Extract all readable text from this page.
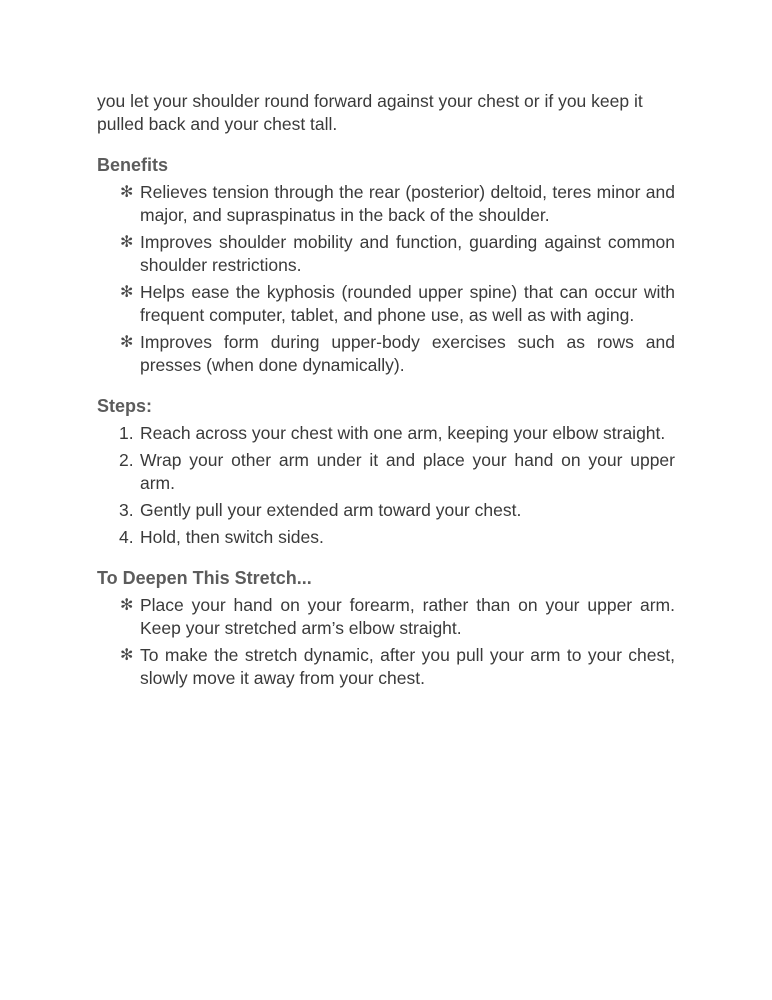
you let your shoulder round forward against your chest or if you keep it pulled back and your chest tall.

Benefits
✻ Relieves tension through the rear (posterior) deltoid, teres minor and major, and supraspinatus in the back of the shoulder.
✻ Improves shoulder mobility and function, guarding against common shoulder restrictions.
✻ Helps ease the kyphosis (rounded upper spine) that can occur with frequent computer, tablet, and phone use, as well as with aging.
✻ Improves form during upper-body exercises such as rows and presses (when done dynamically).
Steps:
1. Reach across your chest with one arm, keeping your elbow straight.
2. Wrap your other arm under it and place your hand on your upper arm.
3. Gently pull your extended arm toward your chest.
4. Hold, then switch sides.
To Deepen This Stretch...
✻ Place your hand on your forearm, rather than on your upper arm. Keep your stretched arm’s elbow straight.
✻ To make the stretch dynamic, after you pull your arm to your chest, slowly move it away from your chest.
